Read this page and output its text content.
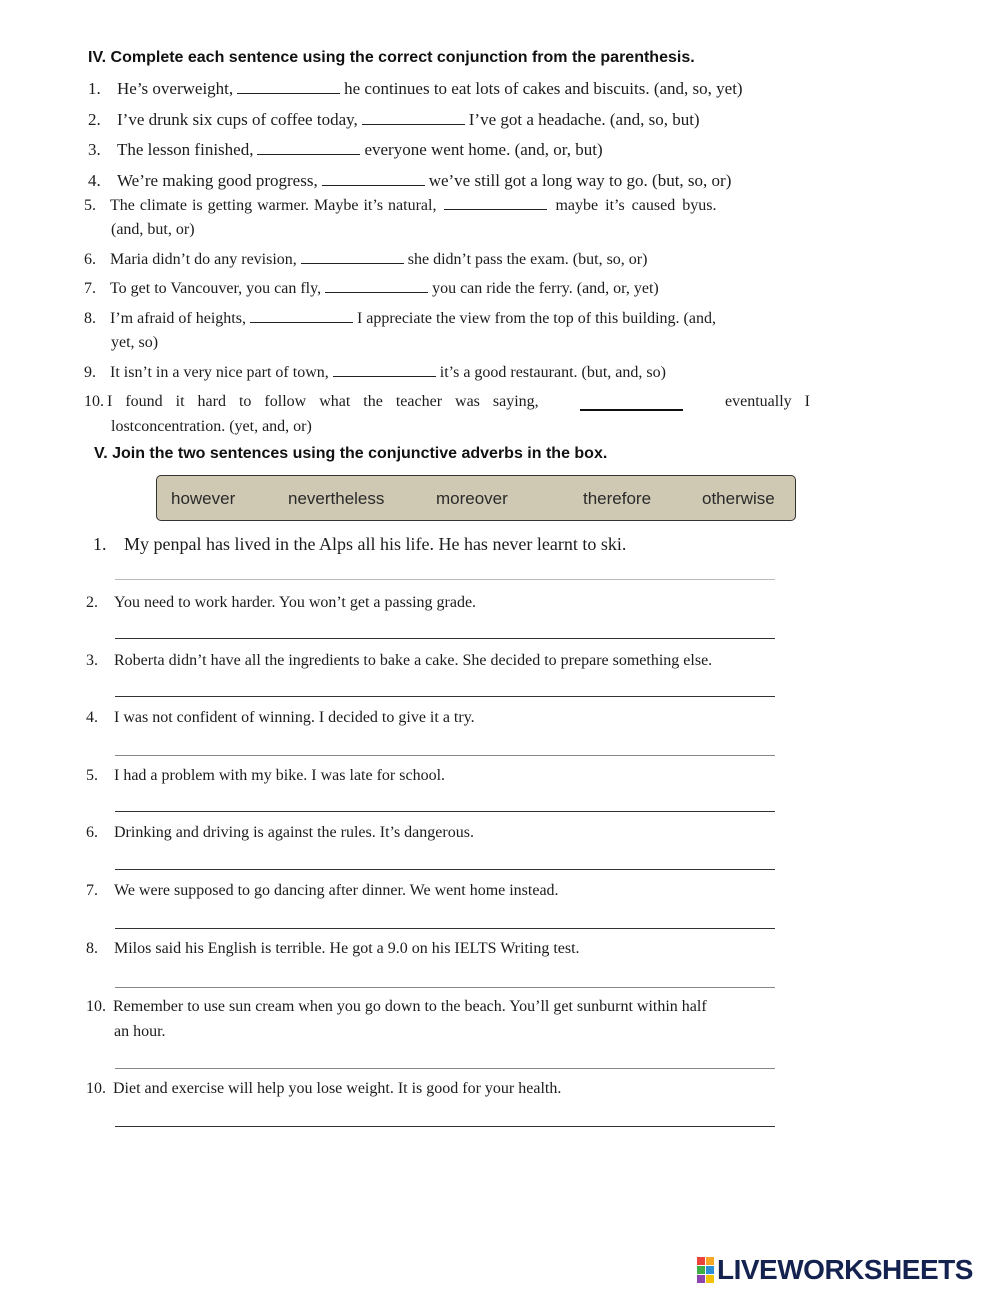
IV. Complete each sentence using the correct conjunction from the parenthesis.
1. He’s overweight,	he continues to eat lots of cakes and biscuits. (and, so, yet)
2. I’ve drunk six cups of coffee today,	I’ve got a headache. (and, so, but)
3. The lesson finished,	everyone went home. (and, or, but)
4. We’re making good progress,	we’ve still got a long way to go. (but, so, or)
5. The climate is getting warmer. Maybe it’s natural,	maybe it’s caused byus.
(and, but, or)
6. Maria didn’t do any revision,	she didn’t pass the exam. (but, so, or)
7. To get to Vancouver, you can fly,	you can ride the ferry. (and, or, yet)
8. I’m afraid of heights,	I appreciate the view from the top of this building. (and,
yet, so)
9. It isn’t in a very nice part of town,	it’s a good restaurant. (but, and, so)
10. I found it hard to follow what the teacher was saying,	eventually I
lostconcentration. (yet, and, or)
V. Join the two sentences using the conjunctive adverbs in the box.
however	nevertheless	moreover	therefore	otherwise
1. My penpal has lived in the Alps all his life. He has never learnt to ski.
2. You need to work harder. You won’t get a passing grade.
3. Roberta didn’t have all the ingredients to bake a cake. She decided to prepare something else.
4. I was not confident of winning. I decided to give it a try.
5. I had a problem with my bike. I was late for school.
6. Drinking and driving is against the rules. It’s dangerous.
7. We were supposed to go dancing after dinner. We went home instead.
8. Milos said his English is terrible. He got a 9.0 on his IELTS Writing test.
10. Remember to use sun cream when you go down to the beach. You’ll get sunburnt within half
an hour.
10. Diet and exercise will help you lose weight. It is good for your health.
LIVEWORKSHEETS
